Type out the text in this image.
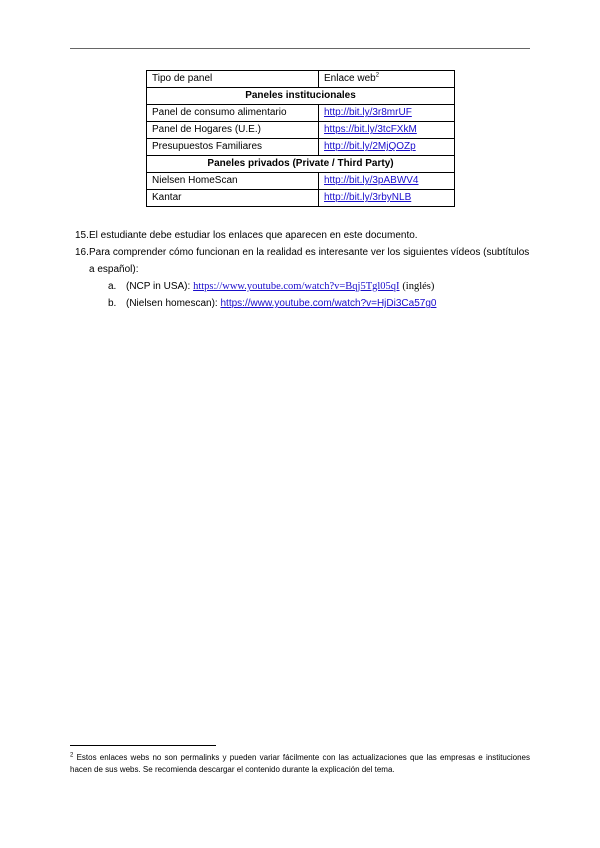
Tipo de panel	Enlace web$^2$
Paneles institucionales	
Panel de consumo alimentario	http://bit.ly/3r8mrUF
Panel de Hogares (U.E.)	https://bit.ly/3tcFXkM
Presupuestos Familiares	http://bit.ly/2MjQOZp
Paneles privados (Private / Third Party)	
Nielsen HomeScan	http://bit.ly/3pABWV4
Kantar	http://bit.ly/3rbyNLB
15. El estudiante debe estudiar los enlaces que aparecen en este documento.
16. Para comprender cómo funcionan en la realidad es interesante ver los siguientes vídeos (subtítulos a español):
a. (NCP in USA): https://www.youtube.com/watch?v=Bqj5Tgl05qI (inglés)
b. (Nielsen homescan): https://www.youtube.com/watch?v=HjDi3Ca57g0
$^2$ Estos enlaces webs no son permalinks y pueden variar fácilmente con las actualizaciones que las empresas e instituciones hacen de sus webs. Se recomienda descargar el contenido durante la explicación del tema.
